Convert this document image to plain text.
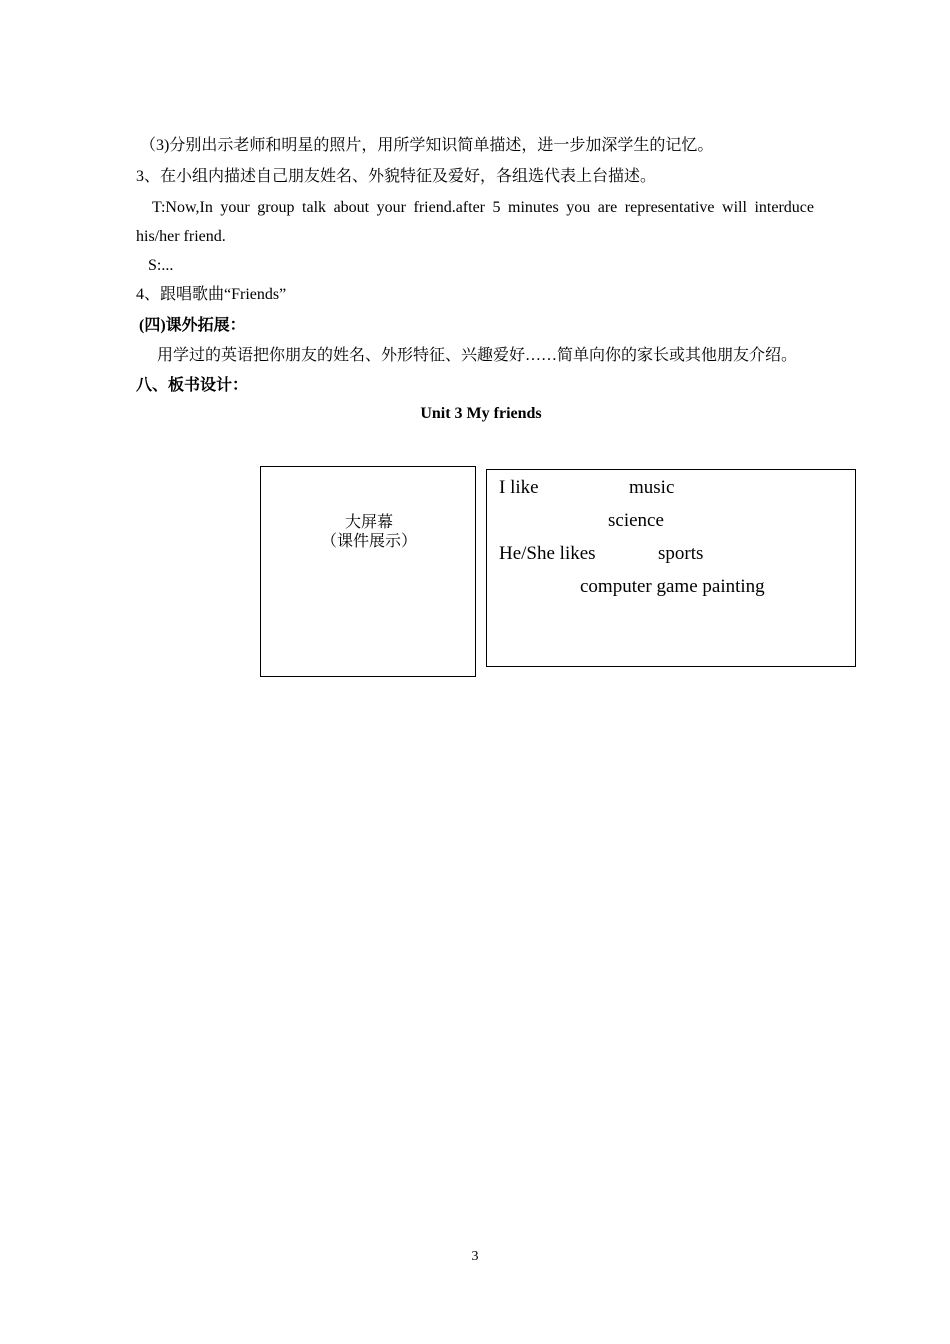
（3)分别出示老师和明星的照片，用所学知识简单描述，进一步加深学生的记忆。
3、在小组内描述自己朋友姓名、外貌特征及爱好，各组选代表上台描述。
T:Now,In your group talk about your friend.after 5 minutes you are representative will interduce
his/her friend.
S:...
4、跟唱歌曲“Friends”
(四)课外拓展：
用学过的英语把你朋友的姓名、外形特征、兴趣爱好……简单向你的家长或其他朋友介绍。
八、板书设计：
Unit 3 My friends
大屏幕
（课件展示）
I like	music
science
He/She likes	sports
computer game painting
3
